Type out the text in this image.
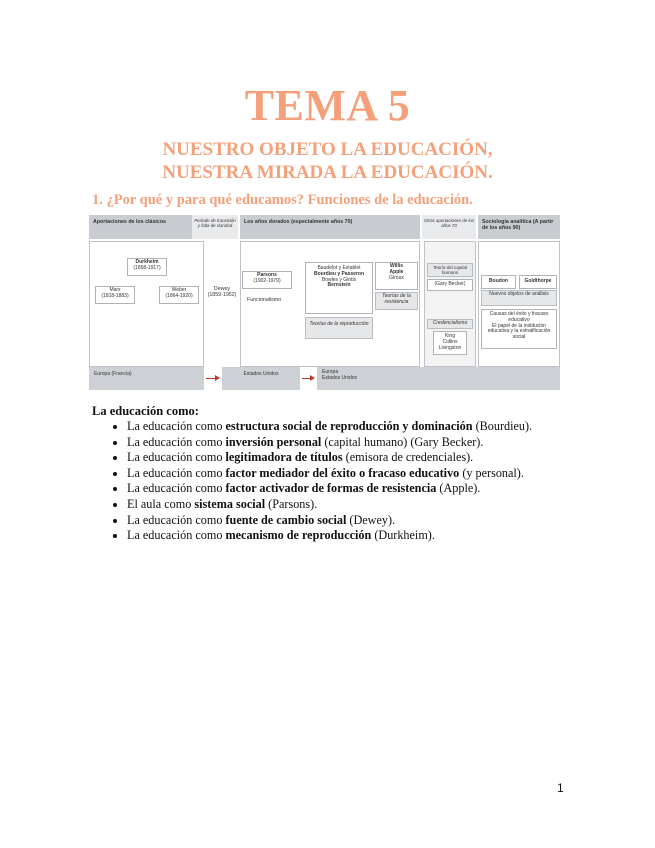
TEMA 5
NUESTRO OBJETO LA EDUCACIÓN,
NUESTRA MIRADA LA EDUCACIÓN.
1. ¿Por qué y para qué educamos? Funciones de la educación.
Aportaciones de los clásicos
Durkheim
(1858-1917)
Marx
(1818-1883)
Weber
(1864-1920)
Período de transición y falta de claridad
Dewey
(1859-1952)
Los años dorados (especialmente años 70)
Parsons
(1902-1979)
Funcionalismo
Baudelot y Establet
Bourdieu y Passeron
Bowles y Gintis
Bernstein
Teorías de la reproducción
Willis
Apple
Giroux
Teorías de la resistencia
Otras aportaciones de los años 70
Teoría del capital humano
(Gary Becker)
Credencialismo
King Collins Livingston
Sociología analítica (A partir de los años 90)
Boudon	Goldthorpe
Nuevos objetos de análisis
Causas del éxito y fracaso educativo
El papel de la institución educativa y la estratificación social
Europa (Francia)	Estados Unidos	Europa
Estados Unidos
La educación como:
• La educación como estructura social de reproducción y dominación (Bourdieu).
• La educación como inversión personal (capital humano) (Gary Becker).
• La educación como legitimadora de títulos (emisora de credenciales).
• La educación como factor mediador del éxito o fracaso educativo (y personal).
• La educación como factor activador de formas de resistencia (Apple).
• El aula como sistema social (Parsons).
• La educación como fuente de cambio social (Dewey).
• La educación como mecanismo de reproducción (Durkheim).
1
